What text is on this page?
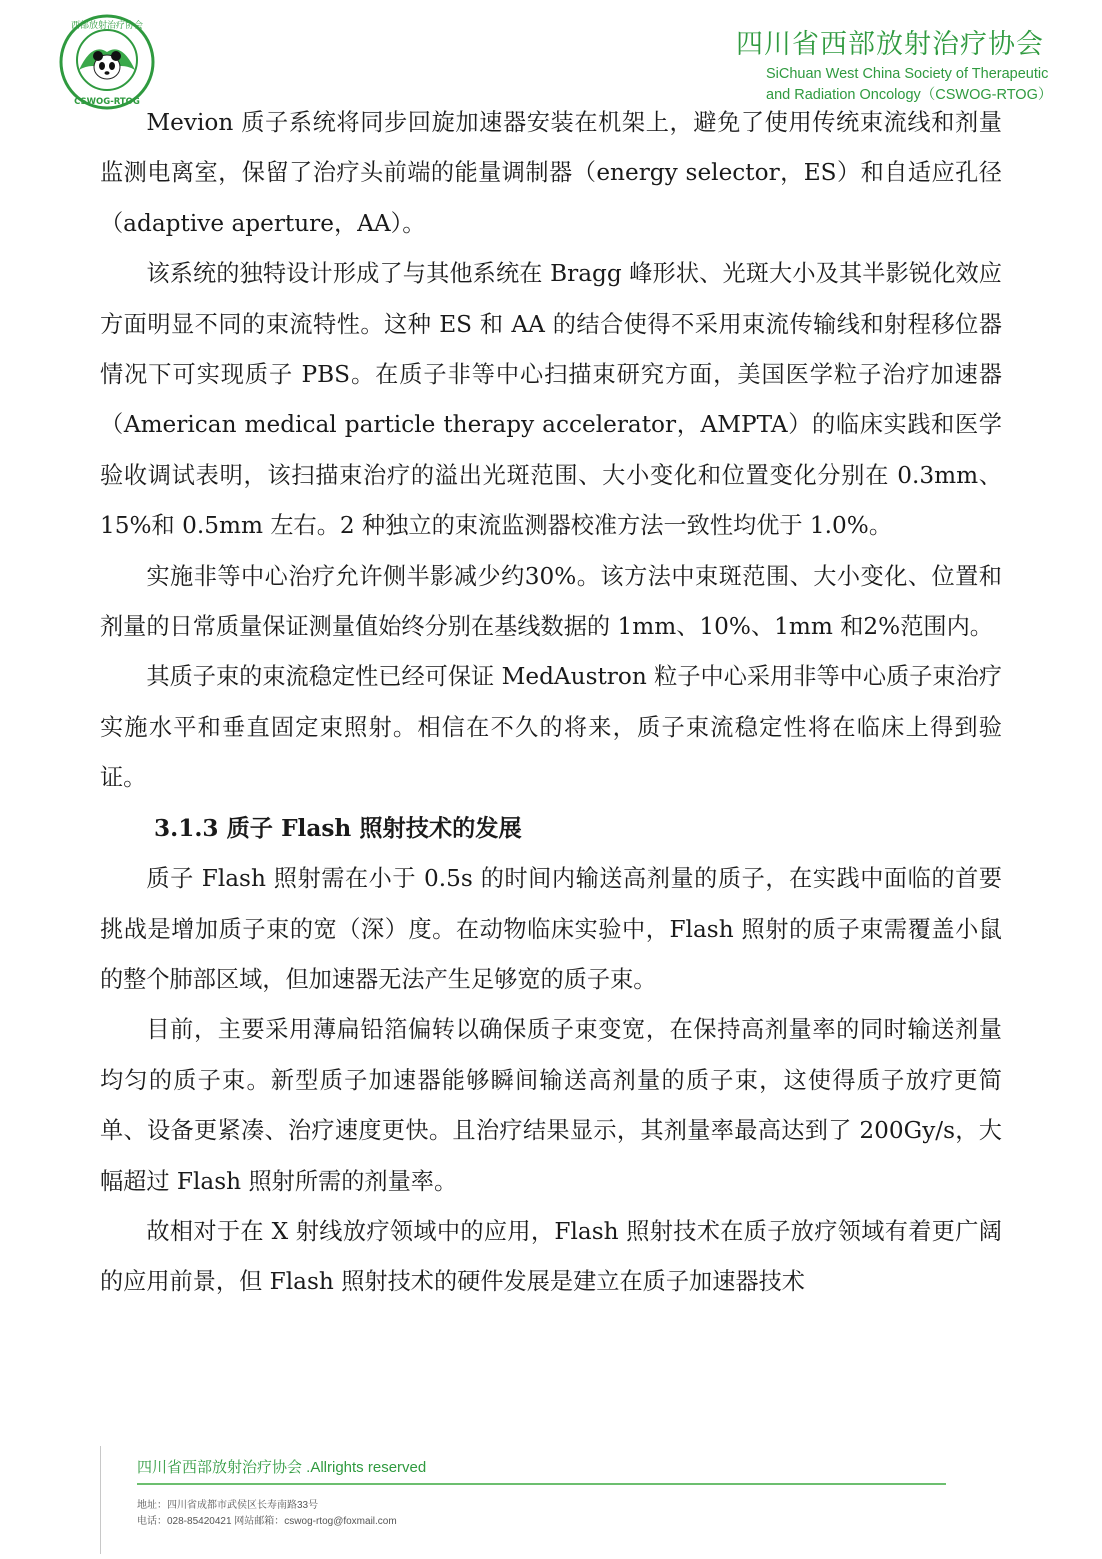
西部放射治疗协会
CSWOG-RTOG
四川省西部放射治疗协会
SiChuan West China Society of Therapeutic
and Radiation Oncology（CSWOG-RTOG）

Mevion 质子系统将同步回旋加速器安装在机架上，避免了使用传统束流线和剂量监测电离室，保留了治疗头前端的能量调制器（energy selector，ES）和自适应孔径（adaptive aperture，AA）。

该系统的独特设计形成了与其他系统在 Bragg 峰形状、光斑大小及其半影锐化效应方面明显不同的束流特性。这种 ES 和 AA 的结合使得不采用束流传输线和射程移位器情况下可实现质子 PBS。在质子非等中心扫描束研究方面，美国医学粒子治疗加速器（American medical particle therapy accelerator，AMPTA）的临床实践和医学验收调试表明，该扫描束治疗的溢出光斑范围、大小变化和位置变化分别在 0.3mm、15%和 0.5mm 左右。2 种独立的束流监测器校准方法一致性均优于 1.0%。

实施非等中心治疗允许侧半影减少约30%。该方法中束斑范围、大小变化、位置和剂量的日常质量保证测量值始终分别在基线数据的 1mm、10%、1mm 和2%范围内。

其质子束的束流稳定性已经可保证 MedAustron 粒子中心采用非等中心质子束治疗实施水平和垂直固定束照射。相信在不久的将来，质子束流稳定性将在临床上得到验证。

3.1.3 质子 Flash 照射技术的发展

质子 Flash 照射需在小于 0.5s 的时间内输送高剂量的质子，在实践中面临的首要挑战是增加质子束的宽（深）度。在动物临床实验中，Flash 照射的质子束需覆盖小鼠的整个肺部区域，但加速器无法产生足够宽的质子束。

目前，主要采用薄扁铅箔偏转以确保质子束变宽，在保持高剂量率的同时输送剂量均匀的质子束。新型质子加速器能够瞬间输送高剂量的质子束，这使得质子放疗更简单、设备更紧凑、治疗速度更快。且治疗结果显示，其剂量率最高达到了 200Gy/s，大幅超过 Flash 照射所需的剂量率。

故相对于在 X 射线放疗领域中的应用，Flash 照射技术在质子放疗领域有着更广阔的应用前景，但 Flash 照射技术的硬件发展是建立在质子加速器技术

四川省西部放射治疗协会 .Allrights reserved
地址：四川省成都市武侯区长寿南路33号
电话：028-85420421 网站邮箱：cswog-rtog@foxmail.com
